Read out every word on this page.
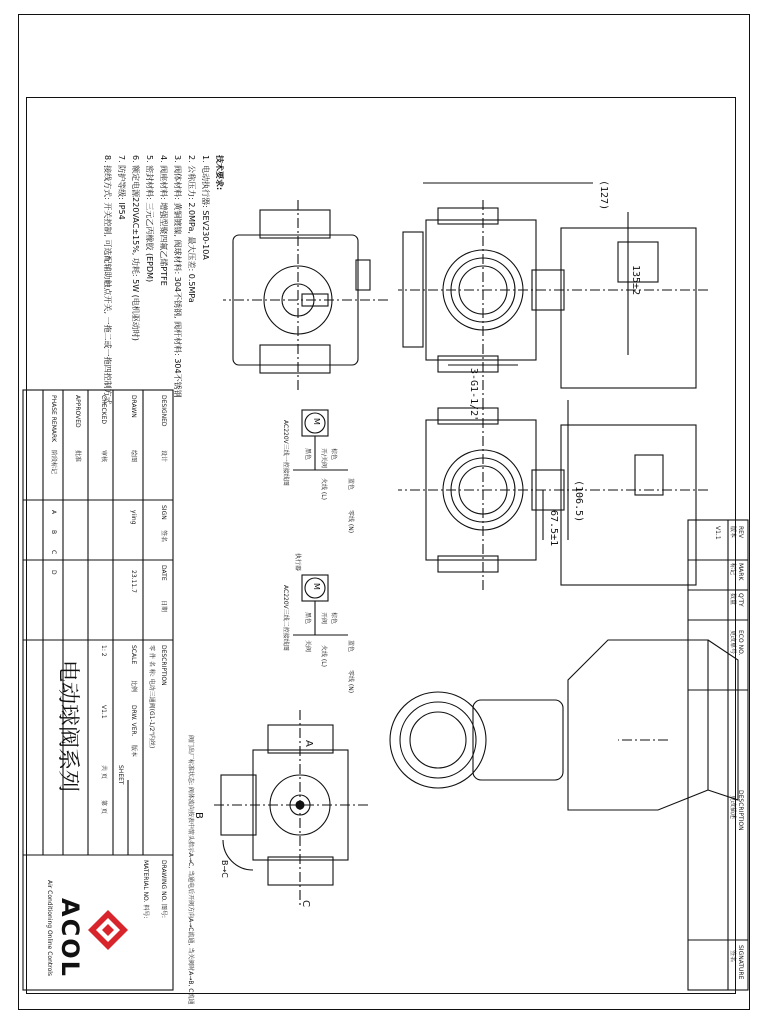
技术要求:
1. 电动执行器: SEV230-10A
2. 公称压力: 2.0MPa, 最大压差: 0.5MPa
3. 阀体材料: 黄铜镀镍, 阀球材料: 304不锈钢, 阀杆材料: 304不锈钢
4. 阀座材料: 增强型聚四氟乙烯PTFE
5. 密封材料: 三元乙丙橡胶 (EPDM)
6. 额定电源220VAC±15%, 功耗: 5W (电机驱动时)
7. 防护等级: IP54
8. 接线方式: 开关控制, 可选配辅助触点开关, 一拖二或一拖四控制方式	(127)
135±2
3-G1-1/2"
(106.5)
67.5±1
M
蓝色
零线 (N)
棕色
开/关阀
火线 (L)
黑色
AC220V三线一控接线图
M
执行器
蓝色
零线 (N)
棕色
开阀
火线 (L)
黑色
关阀
AC220V三线二控接线图
阀门出厂标准状态: 阀体流向按表中箭头指示A→C, 当通电后开阀方向A→C流通, 当关阀时A→B, C流通	A
B
C
B→C
REV
版本
V1.1
MARK
标记
Q'TY
数量
ECO NO.
更改单号
DESCRIPTION
更改描述
SIGNATURE
签名
DESIGNED
设计
DRAWN
绘图
CHECKED
审核
APPROVED
批准
PHASE REMARK
阶段标记
A
B
C
D
SIGN
签名
DATE
日期
yiing
23.11.7
SCALE
比例
1: 2
DRW. VER.
版本
V1.1
共 页
第 页
SHEET
DESCRIPTION
零 件 名 称: 电动三通阀(G1-1/2"内丝)
电动球阀系列
DRAWING NO. 图号:
MATERIAL NO. 料号:
ACOL
Air Conditioning Online Controls
